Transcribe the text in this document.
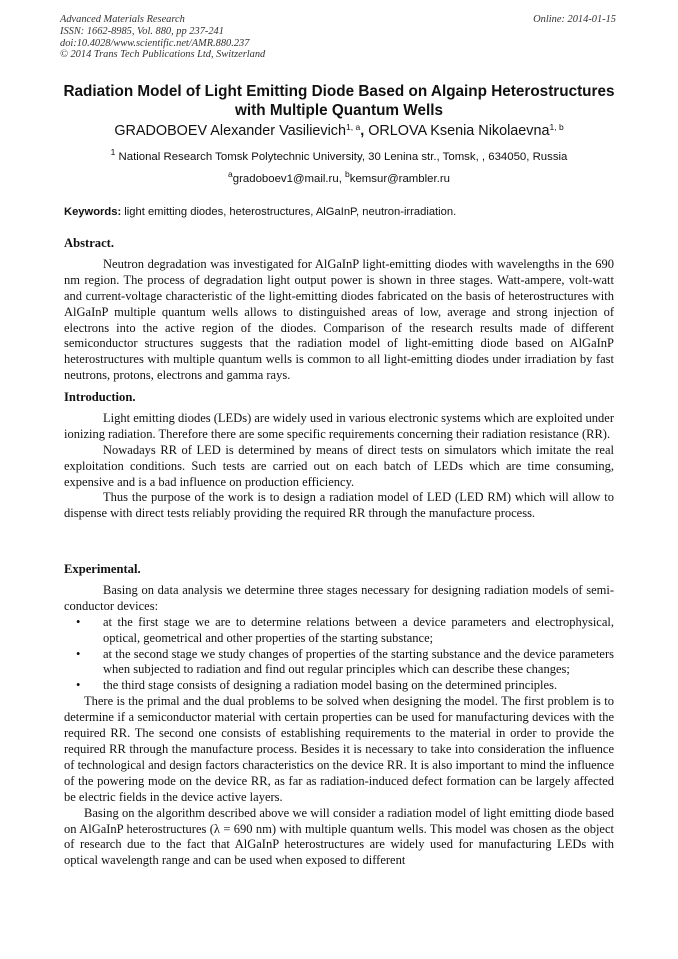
Advanced Materials Research
ISSN: 1662-8985, Vol. 880, pp 237-241
doi:10.4028/www.scientific.net/AMR.880.237
© 2014 Trans Tech Publications Ltd, Switzerland
Online: 2014-01-15
Radiation Model of Light Emitting Diode Based on Algainp Heterostructures with Multiple Quantum Wells
GRADOBOEV Alexander Vasilievich$^{1, a}$, ORLOVA Ksenia Nikolaevna$^{1, b}$
$^1$ National Research Tomsk Polytechnic University, 30 Lenina str., Tomsk, , 634050, Russia
$^a$gradoboev1@mail.ru, $^b$kemsur@rambler.ru
Keywords: light emitting diodes, heterostructures, AlGaInP, neutron-irradiation.
Abstract.

Neutron degradation was investigated for AlGaInP light-emitting diodes with wavelengths in the 690 nm region. The process of degradation light output power is shown in three stages. Watt-ampere, volt-watt and current-voltage characteristic of the light-emitting diodes fabricated on the basis of heterostructures with AlGaInP multiple quantum wells allows to distinguished areas of low, average and strong injection of electrons into the active region of the diodes. Comparison of the research results made of different semiconductor structures suggests that the radiation model of light-emitting diode based on AlGaInP heterostructures with multiple quantum wells is common to all light-emitting diodes under irradiation by fast neutrons, protons, electrons and gamma rays.

Introduction.

Light emitting diodes (LEDs) are widely used in various electronic systems which are exploited under ionizing radiation. Therefore there are some specific requirements concerning their radiation resistance (RR).

Nowadays RR of LED is determined by means of direct tests on simulators which imitate the real exploitation conditions. Such tests are carried out on each batch of LEDs which are time consuming, expensive and is a bad influence on production efficiency.

Thus the purpose of the work is to design a radiation model of LED (LED RM) which will allow to dispense with direct tests reliably providing the required RR through the manufacture process.

Experimental.

Basing on data analysis we determine three stages necessary for designing radiation models of semi-conductor devices:

• at the first stage we are to determine relations between a device parameters and electrophysical, optical, geometrical and other properties of the starting substance;
• at the second stage we study changes of properties of the starting substance and the device parameters when subjected to radiation and find out regular principles which can describe these changes;
• the third stage consists of designing a radiation model basing on the determined principles.

There is the primal and the dual problems to be solved when designing the model. The first problem is to determine if a semiconductor material with certain properties can be used for manufacturing devices with the required RR. The second one consists of establishing requirements to the material in order to provide the required RR through the manufacture process. Besides it is necessary to take into consideration the influence of technological and design factors characteristics on the device RR. It is also important to mind the influence of the powering mode on the device RR, as far as radiation-induced defect formation can be largely affected be electric fields in the device active layers.

Basing on the algorithm described above we will consider a radiation model of light emitting diode based on AlGaInP heterostructures (λ = 690 nm) with multiple quantum wells. This model was chosen as the object of research due to the fact that AlGaInP heterostructures are widely used for manufacturing LEDs with optical wavelength range and can be used when exposed to different
